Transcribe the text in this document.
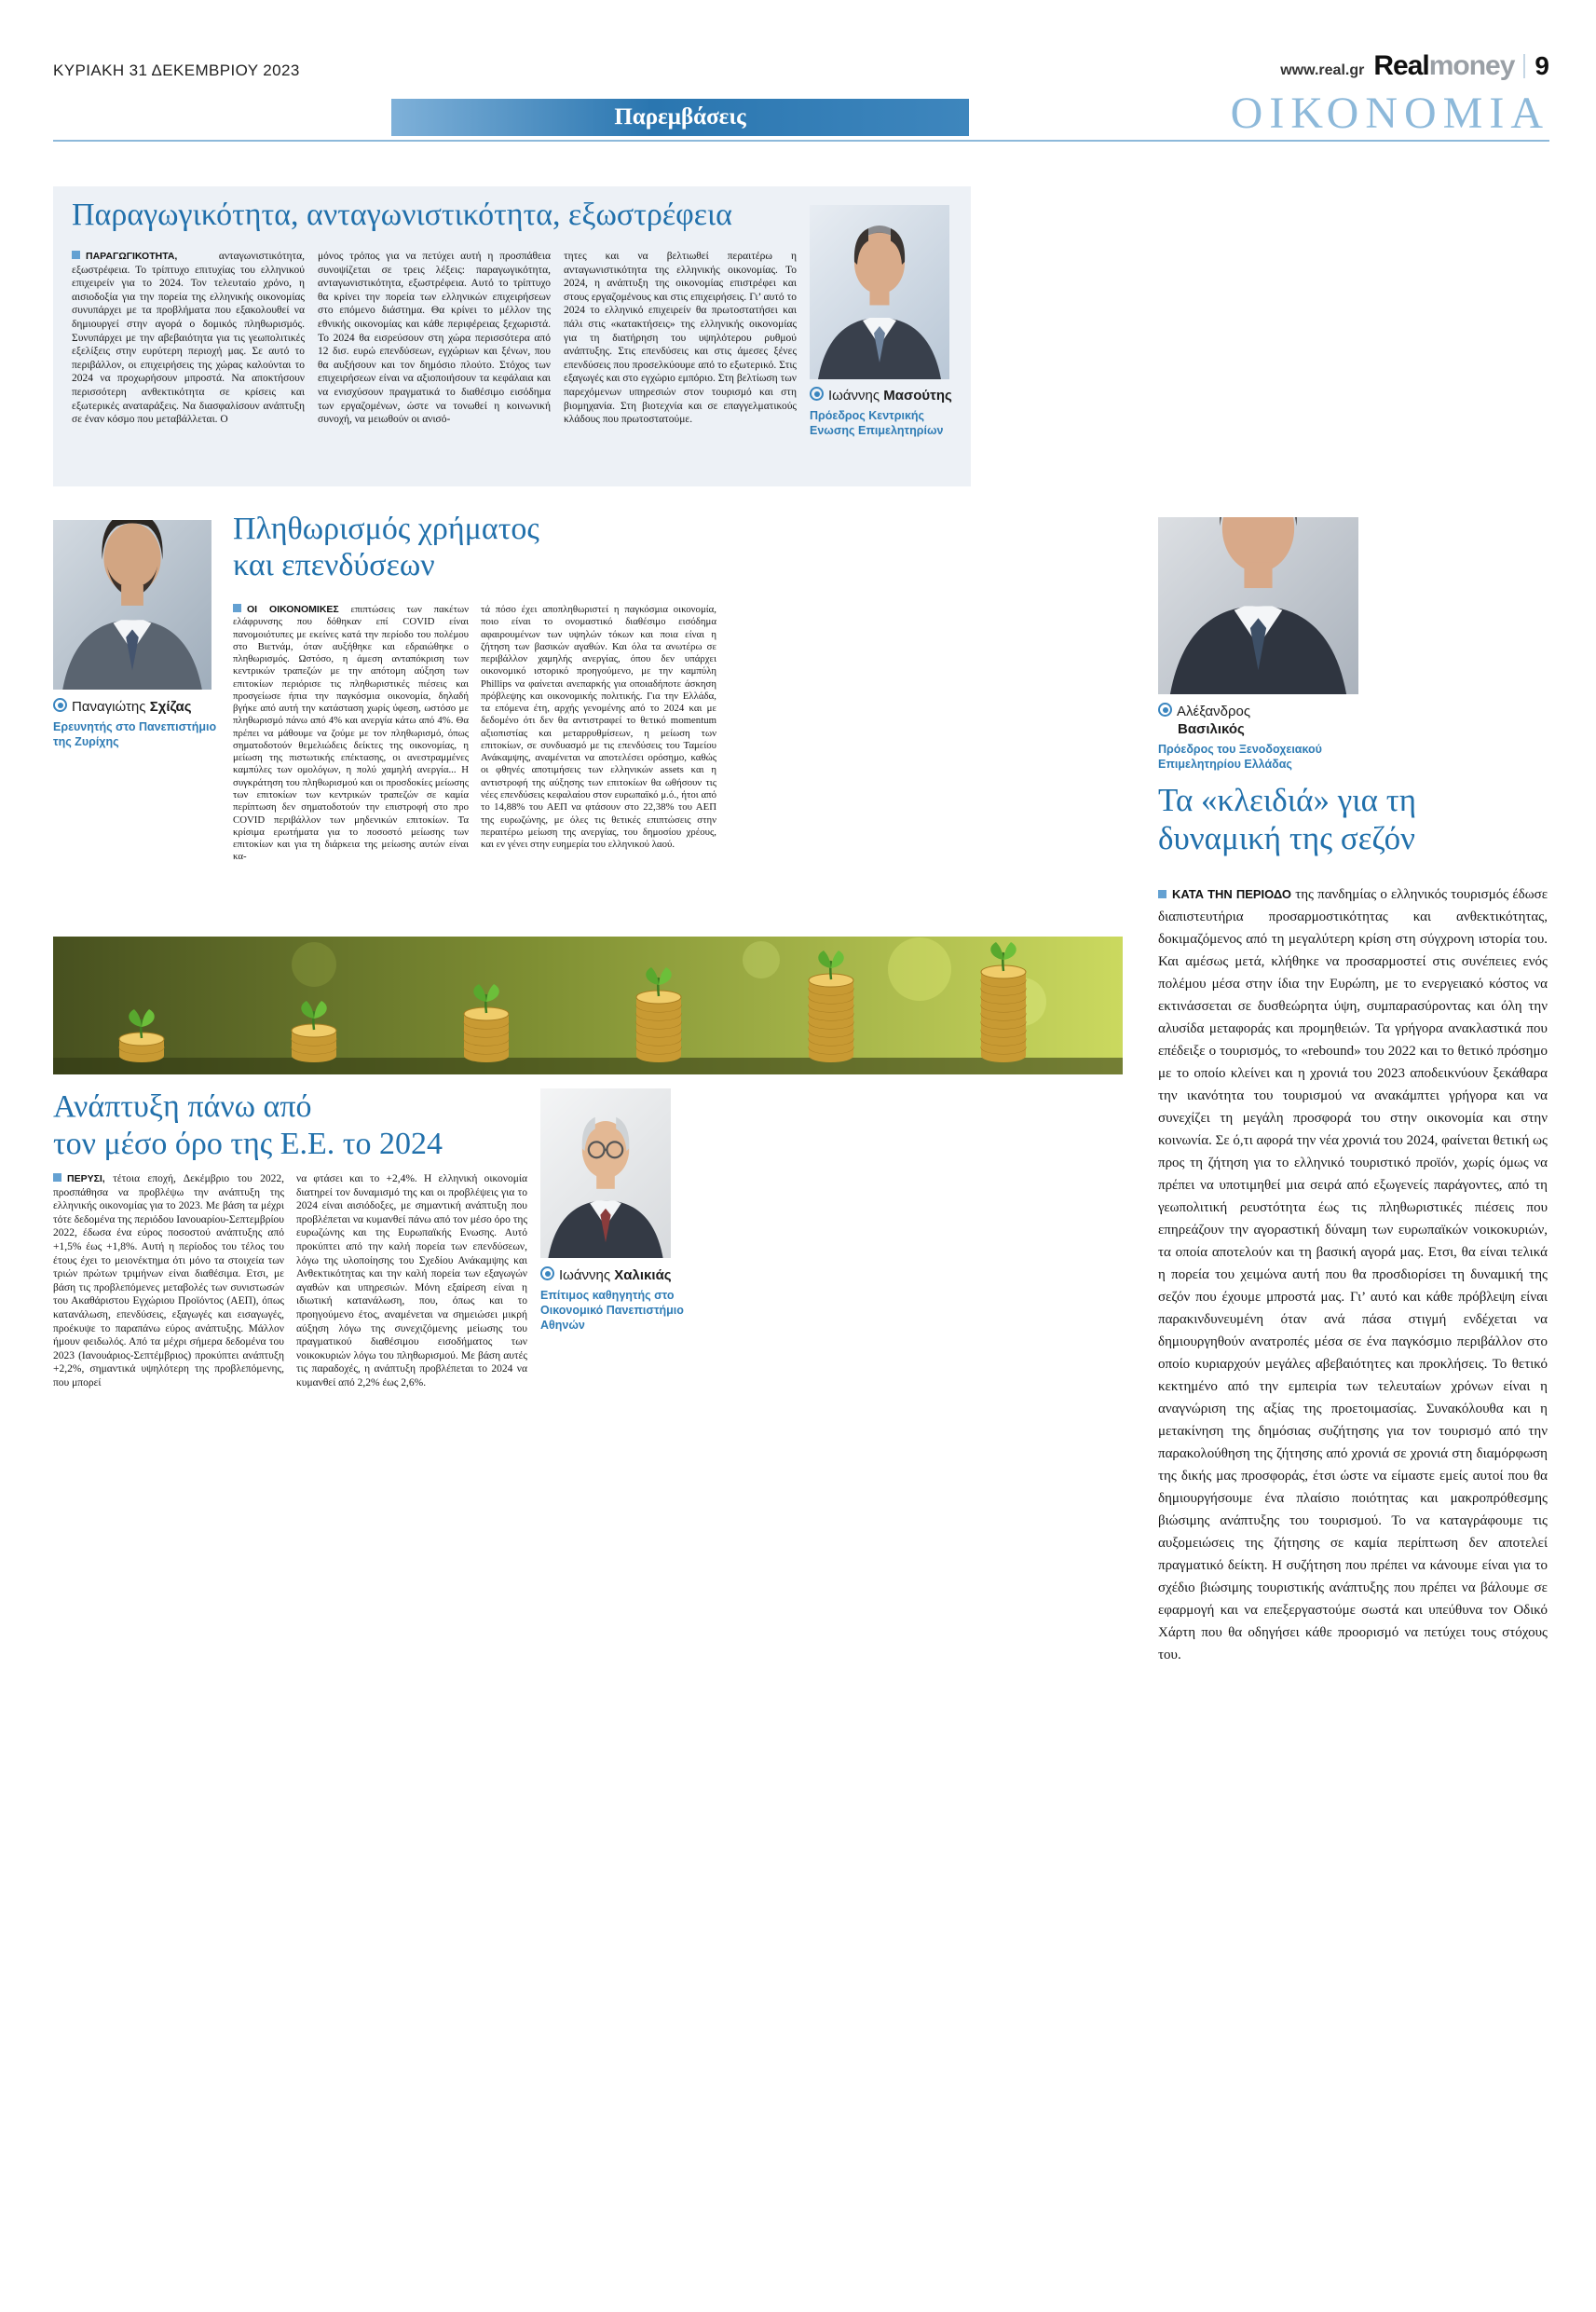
ΚΥΡΙΑΚΗ 31 ΔΕΚΕΜΒΡΙΟΥ 2023	www.real.gr Realmoney 9
Παρεμβάσεις	ΟΙΚΟΝΟΜΙΑ
Παραγωγικότητα, ανταγωνιστικότητα, εξωστρέφεια
ΠΑΡΑΓΩΓΙΚΟΤΗΤΑ, ανταγωνιστικότητα, εξωστρέφεια. Το τρίπτυχο επιτυχίας του ελληνικού επιχειρείν για το 2024. Τον τελευταίο χρόνο, η αισιοδοξία για την πορεία της ελληνικής οικονομίας συνυπάρχει με τα προβλήματα που εξακολουθεί να δημιουργεί στην αγορά ο δομικός πληθωρισμός. Συνυπάρχει με την αβεβαιότητα για τις γεωπολιτικές εξελίξεις στην ευρύτερη περιοχή μας. Σε αυτό το περιβάλλον, οι επιχειρήσεις της χώρας καλούνται το 2024 να προχωρήσουν μπροστά. Να αποκτήσουν περισσότερη ανθεκτικότητα σε κρίσεις και εξωτερικές αναταράξεις. Να διασφαλίσουν ανάπτυξη σε έναν κόσμο που μεταβάλλεται. Ο
μόνος τρόπος για να πετύχει αυτή η προσπάθεια συνοψίζεται σε τρεις λέξεις: παραγωγικότητα, ανταγωνιστικότητα, εξωστρέφεια. Αυτό το τρίπτυχο θα κρίνει την πορεία των ελληνικών επιχειρήσεων στο επόμενο διάστημα. Θα κρίνει το μέλλον της εθνικής οικονομίας και κάθε περιφέρειας ξεχωριστά. Το 2024 θα εισρεύσουν στη χώρα περισσότερα από 12 δισ. ευρώ επενδύσεων, εγχώριων και ξένων, που θα αυξήσουν και τον δημόσιο πλούτο. Στόχος των επιχειρήσεων είναι να αξιοποιήσουν τα κεφάλαια και να ενισχύσουν πραγματικά το διαθέσιμο εισόδημα των εργαζομένων, ώστε να τονωθεί η κοινωνική συνοχή, να μειωθούν οι ανισό-
τητες και να βελτιωθεί περαιτέρω η ανταγωνιστικότητα της ελληνικής οικονομίας. Το 2024, η ανάπτυξη της οικονομίας επιστρέφει και στους εργαζομένους και στις επιχειρήσεις. Γι’ αυτό το 2024 το ελληνικό επιχειρείν θα πρωτοστατήσει και πάλι στις «κατακτήσεις» της ελληνικής οικονομίας για τη διατήρηση του υψηλότερου ρυθμού ανάπτυξης. Στις επενδύσεις και στις άμεσες ξένες επενδύσεις που προσελκύουμε από το εξωτερικό. Στις εξαγωγές και στο εγχώριο εμπόριο. Στη βελτίωση των παρεχόμενων υπηρεσιών στον τουρισμό και στη βιομηχανία. Στη βιοτεχνία και σε επαγγελματικούς κλάδους που πρωτοστατούμε.
Ιωάννης Μασούτης
Πρόεδρος Κεντρικής Ενωσης Επιμελητηρίων
Παναγιώτης Σχίζας
Ερευνητής στο Πανεπιστήμιο της Ζυρίχης
Πληθωρισμός χρήματος
και επενδύσεων
ΟΙ ΟΙΚΟΝΟΜΙΚΕΣ επιπτώσεις των πακέτων ελάφρυνσης που δόθηκαν επί COVID είναι πανομοιότυπες με εκείνες κατά την περίοδο του πολέμου στο Βιετνάμ, όταν αυξήθηκε και εδραιώθηκε ο πληθωρισμός. Ωστόσο, η άμεση ανταπόκριση των κεντρικών τραπεζών με την απότομη αύξηση των επιτοκίων περιόρισε τις πληθωριστικές πιέσεις και προσγείωσε ήπια την παγκόσμια οικονομία, δηλαδή βγήκε από αυτή την κατάσταση χωρίς ύφεση, ωστόσο με πληθωρισμό πάνω από 4% και ανεργία κάτω από 4%. Θα πρέπει να μάθουμε να ζούμε με τον πληθωρισμό, όπως σηματοδοτούν θεμελιώδεις δείκτες της οικονομίας, η μείωση της πιστωτικής επέκτασης, οι ανεστραμμένες καμπύλες των ομολόγων, η πολύ χαμηλή ανεργία... Η συγκράτηση του πληθωρισμού και οι προσδοκίες μείωσης των επιτοκίων των κεντρικών τραπεζών σε καμία περίπτωση δεν σηματοδοτούν την επιστροφή στο προ COVID περιβάλλον των μηδενικών επιτοκίων. Τα κρίσιμα ερωτήματα για το ποσοστό μείωσης των επιτοκίων και για τη διάρκεια της μείωσης αυτών είναι κα-
τά πόσο έχει αποπληθωριστεί η παγκόσμια οικονομία, ποιο είναι το ονομαστικό διαθέσιμο εισόδημα αφαιρουμένων των υψηλών τόκων και ποια είναι η ζήτηση των βασικών αγαθών. Και όλα τα ανωτέρω σε περιβάλλον χαμηλής ανεργίας, όπου δεν υπάρχει οικονομικό ιστορικό προηγούμενο, με την καμπύλη Phillips να φαίνεται ανεπαρκής για οποιαδήποτε άσκηση πρόβλεψης και οικονομικής πολιτικής. Για την Ελλάδα, τα επόμενα έτη, αρχής γενομένης από το 2024 και με δεδομένο ότι δεν θα αντιστραφεί το θετικό momentum αξιοπιστίας και μεταρρυθμίσεων, η μείωση των επιτοκίων, σε συνδυασμό με τις επενδύσεις του Ταμείου Ανάκαμψης, αναμένεται να αποτελέσει ορόσημο, καθώς οι φθηνές αποτιμήσεις των ελληνικών assets και η αντιστροφή της αύξησης των επιτοκίων θα ωθήσουν τις νέες επενδύσεις κεφαλαίου στον ευρωπαϊκό μ.ό., ήτοι από το 14,88% του ΑΕΠ να φτάσουν στο 22,38% του ΑΕΠ της ευρωζώνης, με όλες τις θετικές επιπτώσεις στην περαιτέρω μείωση της ανεργίας, του δημοσίου χρέους, και εν γένει στην ευημερία του ελληνικού λαού.
Αλέξανδρος
Βασιλικός
Πρόεδρος του Ξενοδοχειακού Επιμελητηρίου Ελλάδας
Τα «κλειδιά» για τη
δυναμική της σεζόν
ΚΑΤΑ ΤΗΝ ΠΕΡΙΟΔΟ της πανδημίας ο ελληνικός τουρισμός έδωσε διαπιστευτήρια προσαρμοστικότητας και ανθεκτικότητας, δοκιμαζόμενος από τη μεγαλύτερη κρίση στη σύγχρονη ιστορία του. Και αμέσως μετά, κλήθηκε να προσαρμοστεί στις συνέπειες ενός πολέμου μέσα στην ίδια την Ευρώπη, με το ενεργειακό κόστος να εκτινάσσεται σε δυσθεώρητα ύψη, συμπαρασύροντας και όλη την αλυσίδα μεταφοράς και προμηθειών. Τα γρήγορα ανακλαστικά που επέδειξε ο τουρισμός, το «rebound» του 2022 και το θετικό πρόσημο με το οποίο κλείνει και η χρονιά του 2023 αποδεικνύουν ξεκάθαρα την ικανότητα του τουρισμού να ανακάμπτει γρήγορα και να συνεχίζει τη μεγάλη προσφορά του στην οικονομία και στην κοινωνία. Σε ό,τι αφορά την νέα χρονιά του 2024, φαίνεται θετική ως προς τη ζήτηση για το ελληνικό τουριστικό προϊόν, χωρίς όμως να πρέπει να υποτιμηθεί μια σειρά από εξωγενείς παράγοντες, από τη γεωπολιτική ρευστότητα έως τις πληθωριστικές πιέσεις που επηρεάζουν την αγοραστική δύναμη των ευρωπαϊκών νοικοκυριών, τα οποία αποτελούν και τη βασική αγορά μας. Ετσι, θα είναι τελικά η πορεία του χειμώνα αυτή που θα προσδιορίσει τη δυναμική της σεζόν που έχουμε μπροστά μας. Γι’ αυτό και κάθε πρόβλεψη είναι παρακινδυνευμένη όταν ανά πάσα στιγμή ενδέχεται να δημιουργηθούν ανατροπές μέσα σε ένα παγκόσμιο περιβάλλον στο οποίο κυριαρχούν μεγάλες αβεβαιότητες και προκλήσεις. Το θετικό κεκτημένο από την εμπειρία των τελευταίων χρόνων είναι η αναγνώριση της αξίας της προετοιμασίας. Συνακόλουθα και η μετακίνηση της δημόσιας συζήτησης για τον τουρισμό από την παρακολούθηση της ζήτησης από χρονιά σε χρονιά στη διαμόρφωση της δικής μας προσφοράς, έτσι ώστε να είμαστε εμείς αυτοί που θα δημιουργήσουμε ένα πλαίσιο ποιότητας και μακροπρόθεσμης βιώσιμης ανάπτυξης του τουρισμού. Το να καταγράφουμε τις αυξομειώσεις της ζήτησης σε καμία περίπτωση δεν αποτελεί πραγματικό δείκτη. Η συζήτηση που πρέπει να κάνουμε είναι για το σχέδιο βιώσιμης τουριστικής ανάπτυξης που πρέπει να βάλουμε σε εφαρμογή και να επεξεργαστούμε σωστά και υπεύθυνα τον Οδικό Χάρτη που θα οδηγήσει κάθε προορισμό να πετύχει τους στόχους του.
Ανάπτυξη πάνω από
τον μέσο όρο της Ε.Ε. το 2024
ΠΕΡΥΣΙ, τέτοια εποχή, Δεκέμβριο του 2022, προσπάθησα να προβλέψω την ανάπτυξη της ελληνικής οικονομίας για το 2023. Με βάση τα μέχρι τότε δεδομένα της περιόδου Ιανουαρίου-Σεπτεμβρίου 2022, έδωσα ένα εύρος ποσοστού ανάπτυξης από +1,5% έως +1,8%. Αυτή η περίοδος του τέλος του έτους έχει το μειονέκτημα ότι μόνο τα στοιχεία των τριών πρώτων τριμήνων είναι διαθέσιμα. Ετσι, με βάση τις προβλεπόμενες μεταβολές των συνιστωσών του Ακαθάριστου Εγχώριου Προϊόντος (ΑΕΠ), όπως κατανάλωση, επενδύσεις, εξαγωγές και εισαγωγές, προέκυψε το παραπάνω εύρος ανάπτυξης. Μάλλον ήμουν φειδωλός. Από τα μέχρι σήμερα δεδομένα του 2023 (Ιανουάριος-Σεπτέμβριος) προκύπτει ανάπτυξη +2,2%, σημαντικά υψηλότερη της προβλεπόμενης, που μπορεί
να φτάσει και το +2,4%. Η ελληνική οικονομία διατηρεί τον δυναμισμό της και οι προβλέψεις για το 2024 είναι αισιόδοξες, με σημαντική ανάπτυξη που προβλέπεται να κυμανθεί πάνω από τον μέσο όρο της ευρωζώνης και της Ευρωπαϊκής Ενωσης. Αυτό προκύπτει από την καλή πορεία των επενδύσεων, λόγω της υλοποίησης του Σχεδίου Ανάκαμψης και Ανθεκτικότητας και την καλή πορεία των εξαγωγών αγαθών και υπηρεσιών. Μόνη εξαίρεση είναι η ιδιωτική κατανάλωση, που, όπως και το προηγούμενο έτος, αναμένεται να σημειώσει μικρή αύξηση λόγω της συνεχιζόμενης μείωσης του πραγματικού διαθέσιμου εισοδήματος των νοικοκυριών λόγω του πληθωρισμού. Με βάση αυτές τις παραδοχές, η ανάπτυξη προβλέπεται το 2024 να κυμανθεί από 2,2% έως 2,6%.
Ιωάννης Χαλικιάς
Επίτιμος καθηγητής στο Οικονομικό Πανεπιστήμιο Αθηνών
